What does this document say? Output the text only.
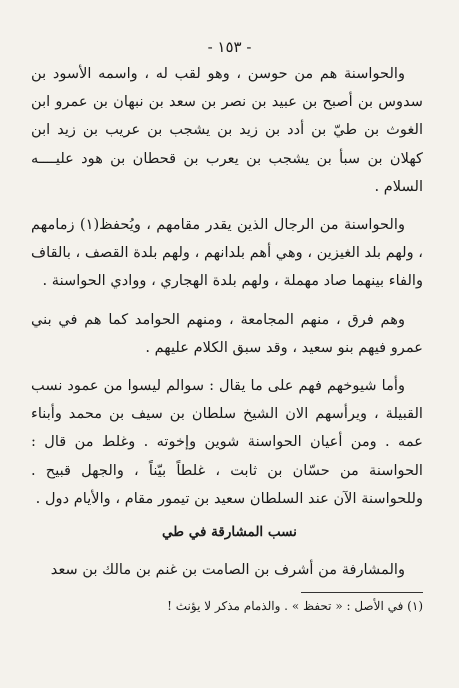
- ١٥٣ -

والحواسنة هم من حوسن ، وهو لقب له ، واسمه الأسود بن سدوس بن أصبح بن عبيد بن نصر بن سعد بن نبهان بن عمرو ابن الغوث بن طيّ بن أدد بن زيد بن يشجب بن عريب بن زيد ابن كهلان بن سبأ بن يشجب بن يعرب بن قحطان بن هود عليــــه السلام .

والحواسنة من الرجال الذين يقدر مقامهم ، ويُحفظ(١) زمامهم ، ولهم بلد الغيزين ، وهي أهم بلدانهم ، ولهم بلدة القصف ، بالقاف والفاء بينهما صاد مهملة ، ولهم بلدة الهجاري ، ووادي الحواسنة .

وهم فرق ، منهم المجامعة ، ومنهم الحوامد كما هم في بني عمرو فيهم بنو سعيد ، وقد سبق الكلام عليهم .

وأما شيوخهم فهم على ما يقال : سوالم ليسوا من عمود نسب القبيلة ، ويرأسهم الان الشيخ سلطان بن سيف بن محمد وأبناء عمه . ومن أعيان الحواسنة شوين وإخوته . وغلط من قال : الحواسنة من حسّان بن ثابت ، غلطاً بيّناً ، والجهل قبيح . وللحواسنة الآن عند السلطان سعيد بن تيمور مقام ، والأيام دول .

نسب المشارقة في طي

والمشارفة من أشرف بن الصامت بن غنم بن مالك بن سعد

(١) في الأصل : « تحفظ » . والذمام مذكر لا يؤنث !
